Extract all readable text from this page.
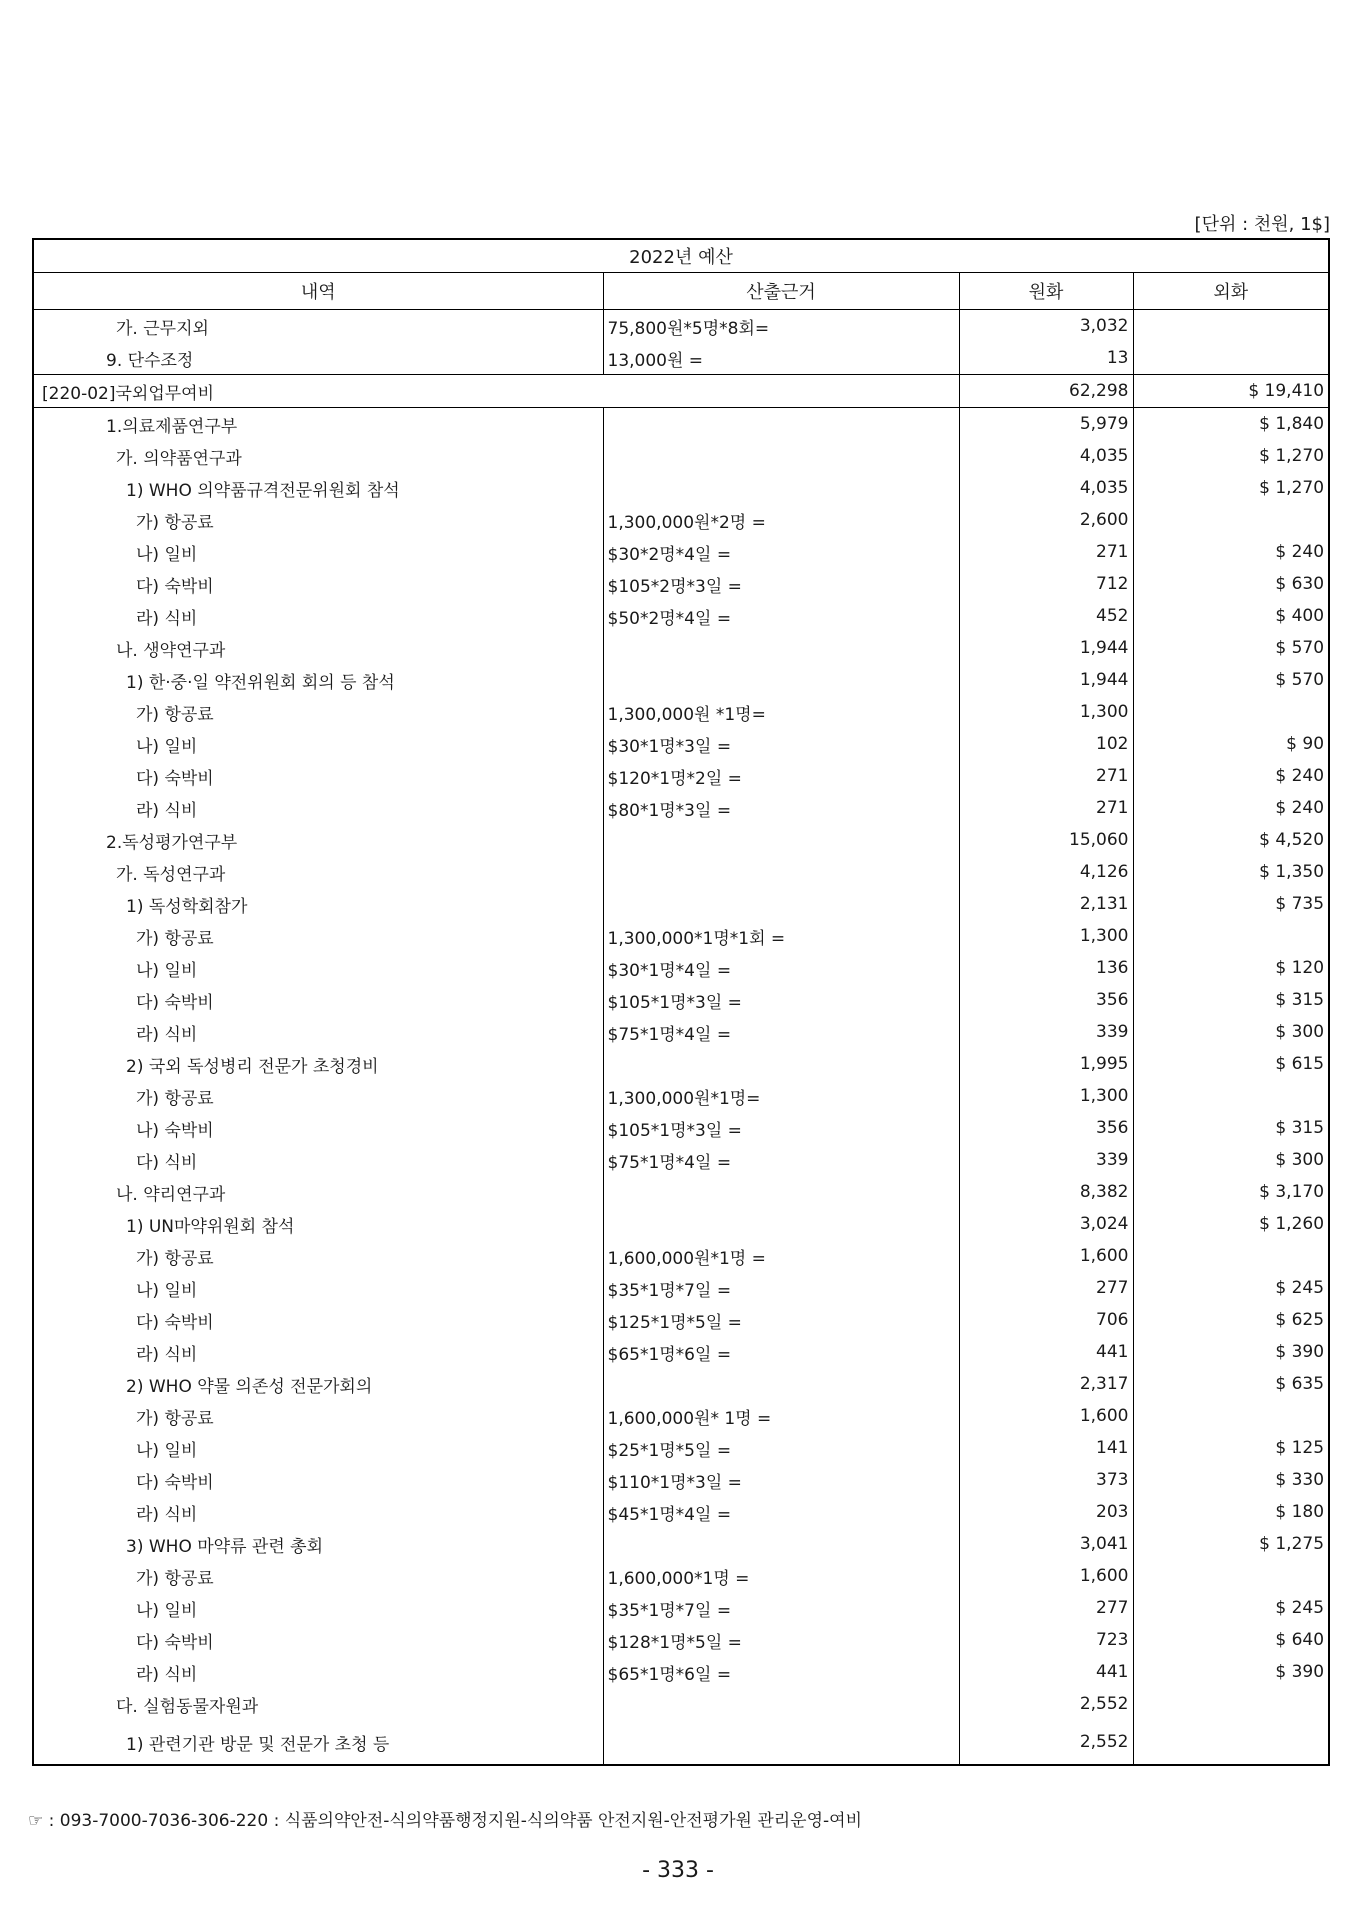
[단위 : 천원, 1$]
2022년 예산			
내역	산출근거	원화	외화
가. 근무지외	75,800원*5명*8회=	3,032	
9. 단수조정	13,000원 =	13	
[220-02]국외업무여비		62,298	$ 19,410
1.의료제품연구부		5,979	$ 1,840
가. 의약품연구과		4,035	$ 1,270
1) WHO 의약품규격전문위원회 참석		4,035	$ 1,270
가) 항공료	1,300,000원*2명 =	2,600	
나) 일비	$30*2명*4일 =	271	$ 240
다) 숙박비	$105*2명*3일 =	712	$ 630
라) 식비	$50*2명*4일 =	452	$ 400
나. 생약연구과		1,944	$ 570
1) 한·중·일 약전위원회 회의 등 참석		1,944	$ 570
가) 항공료	1,300,000원 *1명=	1,300	
나) 일비	$30*1명*3일 =	102	$ 90
다) 숙박비	$120*1명*2일 =	271	$ 240
라) 식비	$80*1명*3일 =	271	$ 240
2.독성평가연구부		15,060	$ 4,520
가. 독성연구과		4,126	$ 1,350
1) 독성학회참가		2,131	$ 735
가) 항공료	1,300,000*1명*1회 =	1,300	
나) 일비	$30*1명*4일 =	136	$ 120
다) 숙박비	$105*1명*3일 =	356	$ 315
라) 식비	$75*1명*4일 =	339	$ 300
2) 국외 독성병리 전문가 초청경비		1,995	$ 615
가) 항공료	1,300,000원*1명=	1,300	
나) 숙박비	$105*1명*3일 =	356	$ 315
다) 식비	$75*1명*4일 =	339	$ 300
나. 약리연구과		8,382	$ 3,170
1) UN마약위원회 참석		3,024	$ 1,260
가) 항공료	1,600,000원*1명 =	1,600	
나) 일비	$35*1명*7일 =	277	$ 245
다) 숙박비	$125*1명*5일 =	706	$ 625
라) 식비	$65*1명*6일 =	441	$ 390
2) WHO 약물 의존성 전문가회의		2,317	$ 635
가) 항공료	1,600,000원* 1명 =	1,600	
나) 일비	$25*1명*5일 =	141	$ 125
다) 숙박비	$110*1명*3일 =	373	$ 330
라) 식비	$45*1명*4일 =	203	$ 180
3) WHO 마약류 관련 총회		3,041	$ 1,275
가) 항공료	1,600,000*1명 =	1,600	
나) 일비	$35*1명*7일 =	277	$ 245
다) 숙박비	$128*1명*5일 =	723	$ 640
라) 식비	$65*1명*6일 =	441	$ 390
다. 실험동물자원과		2,552	
1) 관련기관 방문 및 전문가 초청 등		2,552	
☞ : 093-7000-7036-306-220 : 식품의약안전-식의약품행정지원-식의약품 안전지원-안전평가원 관리운영-여비
- 333 -
